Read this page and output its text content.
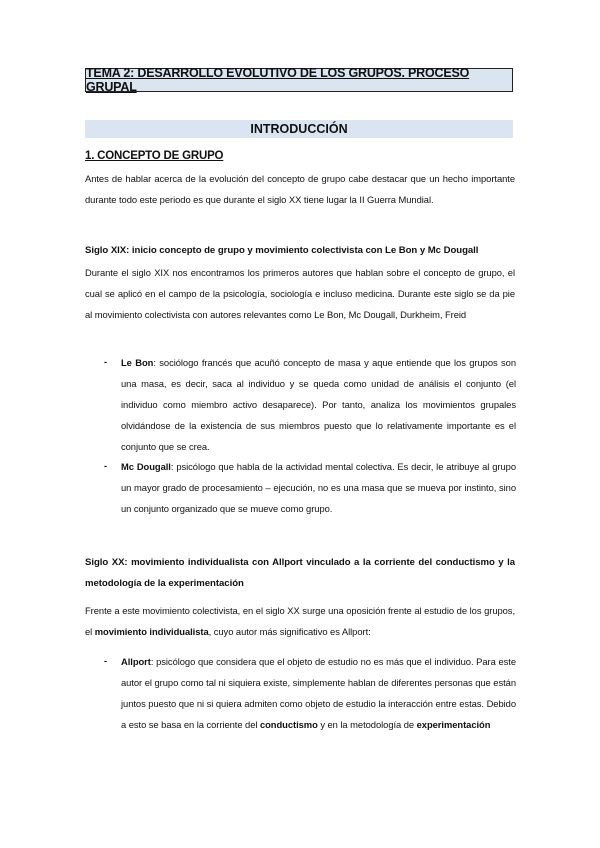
TEMA 2: DESARROLLO EVOLUTIVO DE LOS GRUPOS. PROCESO GRUPAL
INTRODUCCIÓN
1. CONCEPTO DE GRUPO
Antes de hablar acerca de la evolución del concepto de grupo cabe destacar que un hecho importante durante todo este periodo es que durante el siglo XX tiene lugar la II Guerra Mundial.
Siglo XIX: inicio concepto de grupo y movimiento colectivista con Le Bon y Mc Dougall
Durante el siglo XIX nos encontramos los primeros autores que hablan sobre el concepto de grupo, el cual se aplicó en el campo de la psicología, sociología e incluso medicina. Durante este siglo se da pie al movimiento colectivista con autores relevantes como Le Bon, Mc Dougall, Durkheim, Freid
- Le Bon: sociólogo francés que acuñó concepto de masa y aque entiende que los grupos son una masa, es decir, saca al individuo y se queda como unidad de análisis el conjunto (el individuo como miembro activo desaparece). Por tanto, analiza los movimientos grupales olvidándose de la existencia de sus miembros puesto que lo relativamente importante es el conjunto que se crea.
- Mc Dougall: psicólogo que habla de la actividad mental colectiva. Es decir, le atribuye al grupo un mayor grado de procesamiento – ejecución, no es una masa que se mueva por instinto, sino un conjunto organizado que se mueve como grupo.
Siglo XX: movimiento individualista con Allport vinculado a la corriente del conductismo y la metodología de la experimentación
Frente a este movimiento colectivista, en el siglo XX surge una oposición frente al estudio de los grupos, el movimiento individualista, cuyo autor más significativo es Allport:
- Allport: psicólogo que considera que el objeto de estudio no es más que el individuo. Para este autor el grupo como tal ni siquiera existe, simplemente hablan de diferentes personas que están juntos puesto que ni si quiera admiten como objeto de estudio la interacción entre estas. Debido a esto se basa en la corriente del conductismo y en la metodología de experimentación
